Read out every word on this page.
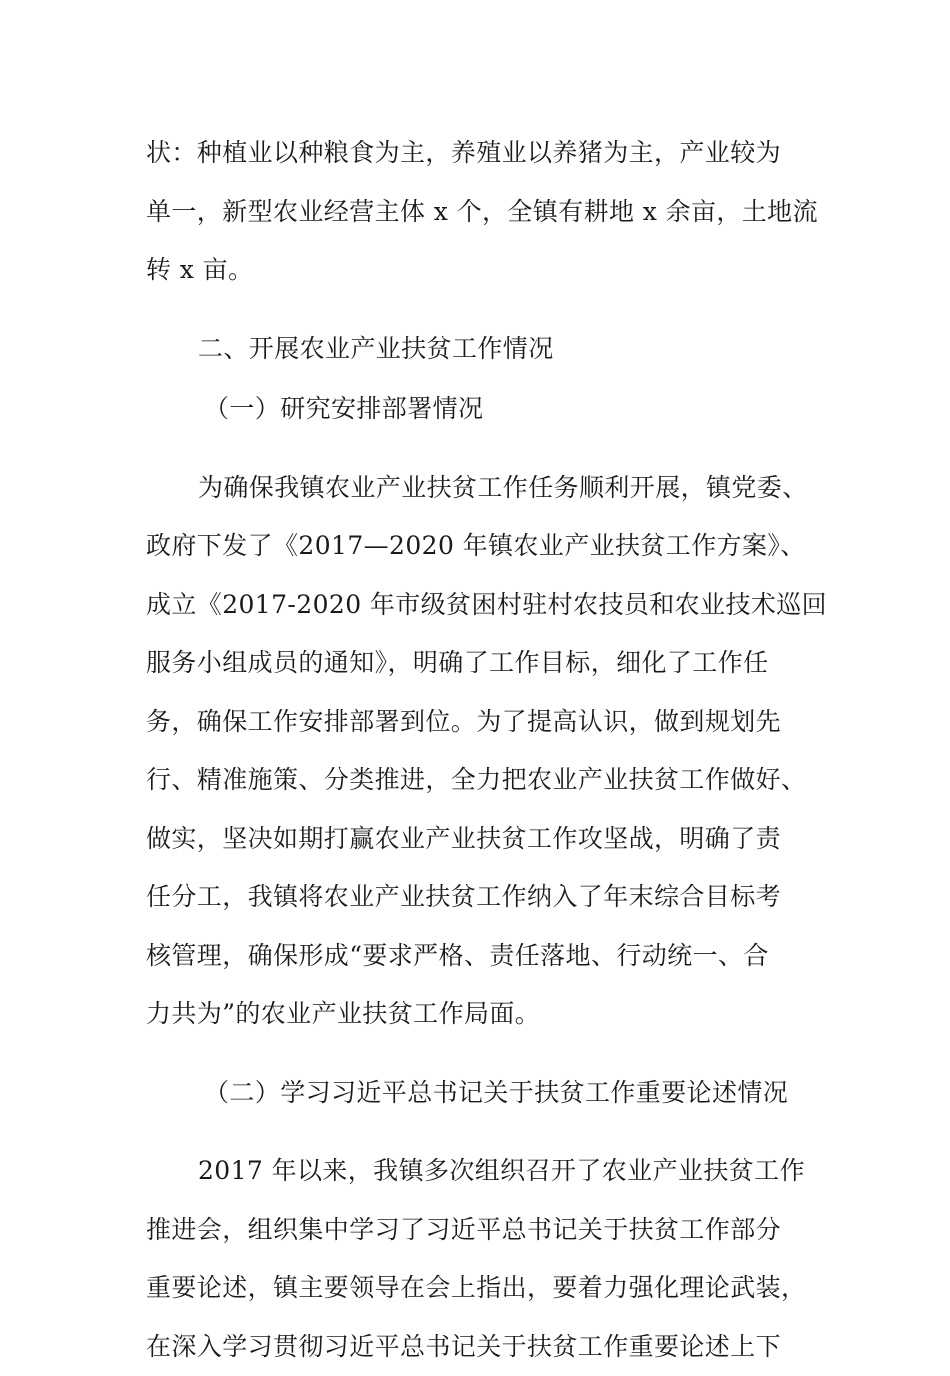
状：种植业以种粮食为主，养殖业以养猪为主，产业较为
单一，新型农业经营主体 x 个，全镇有耕地 x 余亩，土地流
转 x 亩。
二、开展农业产业扶贫工作情况
（一）研究安排部署情况
为确保我镇农业产业扶贫工作任务顺利开展，镇党委、
政府下发了《2017—2020 年镇农业产业扶贫工作方案》、
成立《2017-2020 年市级贫困村驻村农技员和农业技术巡回
服务小组成员的通知》，明确了工作目标，细化了工作任
务，确保工作安排部署到位。为了提高认识，做到规划先
行、精准施策、分类推进，全力把农业产业扶贫工作做好、
做实，坚决如期打赢农业产业扶贫工作攻坚战，明确了责
任分工，我镇将农业产业扶贫工作纳入了年末综合目标考
核管理，确保形成“要求严格、责任落地、行动统一、合
力共为”的农业产业扶贫工作局面。
（二）学习习近平总书记关于扶贫工作重要论述情况
2017 年以来，我镇多次组织召开了农业产业扶贫工作
推进会，组织集中学习了习近平总书记关于扶贫工作部分
重要论述，镇主要领导在会上指出，要着力强化理论武装，
在深入学习贯彻习近平总书记关于扶贫工作重要论述上下
